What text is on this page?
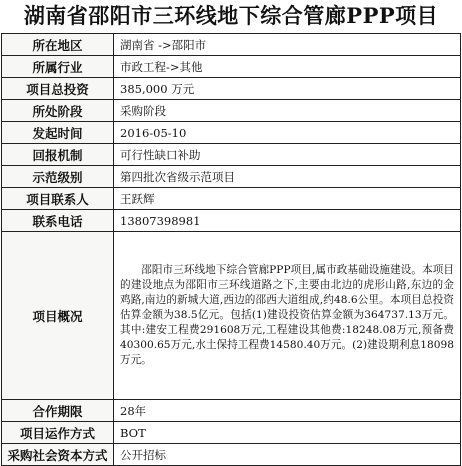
湖南省邵阳市三环线地下综合管廊PPP项目
所在地区	湖南省 ->邵阳市
所属行业	市政工程->其他
项目总投资	385,000 万元
所处阶段	采购阶段
发起时间	2016-05-10
回报机制	可行性缺口补助
示范级别	第四批次省级示范项目
项目联系人	王跃辉
联系电话	13807398981
项目概况	邵阳市三环线地下综合管廊PPP项目,属市政基础设施建设。本项目的建设地点为邵阳市三环线道路之下,主要由北边的虎形山路,东边的金鸡路,南边的新城大道,西边的邵西大道组成,约48.6公里。本项目总投资估算金额为38.5亿元。包括(1)建设投资估算金额为364737.13万元。其中:建安工程费291608万元,工程建设其他费:18248.08万元,预备费40300.65万元,水土保持工程费14580.40万元。(2)建设期利息18098万元。
合作期限	28年
项目运作方式	BOT
采购社会资本方式	公开招标
